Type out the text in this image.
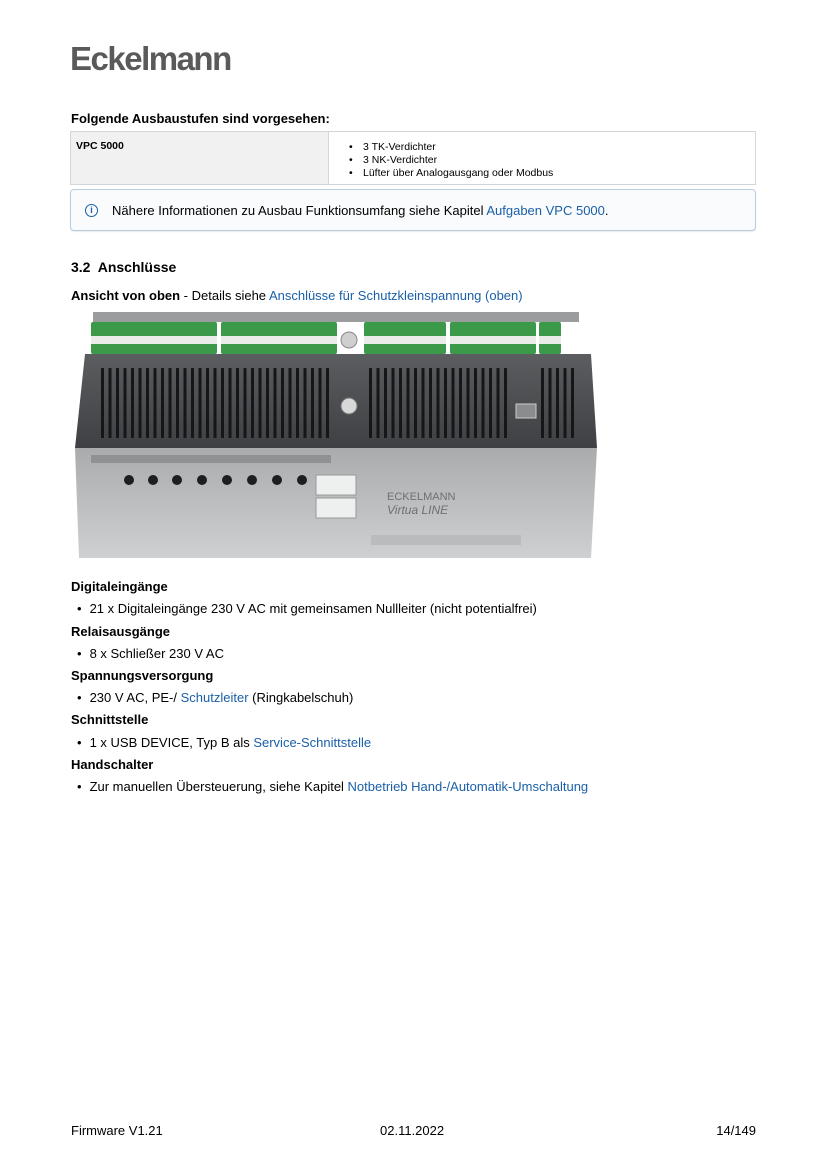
Eckelmann
Folgende Ausbaustufen sind vorgesehen:
VPC 5000	
•3 TK-Verdichter
• 3 NK-Verdichter
• Lüfter über Analogausgang oder Modbus
i	Nähere Informationen zu Ausbau Funktionsumfang siehe Kapitel Aufgaben VPC 5000.
3.2 Anschlüsse
Ansicht von oben - Details siehe Anschlüsse für Schutzkleinspannung (oben)
ECKELMANN
Virtua LINE
Digitaleingänge
• 21 x Digitaleingänge 230 V AC mit gemeinsamen Nullleiter (nicht potentialfrei)
Relaisausgänge
• 8 x Schließer 230 V AC
Spannungsversorgung
• 230 V AC, PE-/ Schutzleiter (Ringkabelschuh)
Schnittstelle
• 1 x USB DEVICE, Typ B als Service-Schnittstelle
Handschalter
• Zur manuellen Übersteuerung, siehe Kapitel Notbetrieb Hand-/Automatik-Umschaltung
Firmware V1.21	02.11.2022	14/149
